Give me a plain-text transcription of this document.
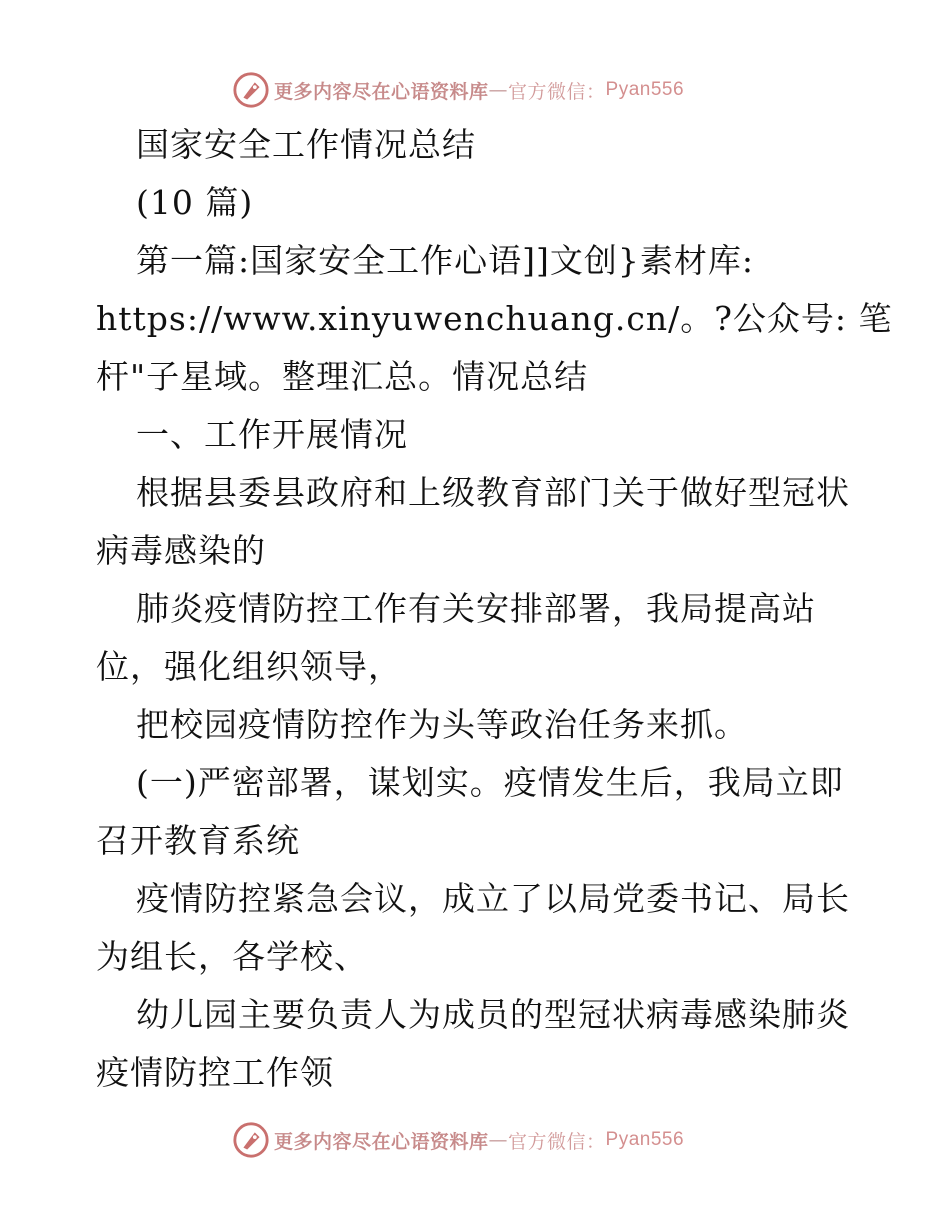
更多内容尽在心语资料库 — 官方微信： Pyan556
国家安全工作情况总结
(10 篇)
第一篇:国家安全工作心语]]文创}素材库:
https://www.xinyuwenchuang.cn/。?公众号: 笔
杆"子星域。整理汇总。情况总结
一、工作开展情况
根据县委县政府和上级教育部门关于做好型冠状
病毒感染的
肺炎疫情防控工作有关安排部署，我局提高站
位，强化组织领导，
把校园疫情防控作为头等政治任务来抓。
(一)严密部署，谋划实。疫情发生后，我局立即
召开教育系统
疫情防控紧急会议，成立了以局党委书记、局长
为组长，各学校、
幼儿园主要负责人为成员的型冠状病毒感染肺炎
疫情防控工作领
更多内容尽在心语资料库 — 官方微信： Pyan556
